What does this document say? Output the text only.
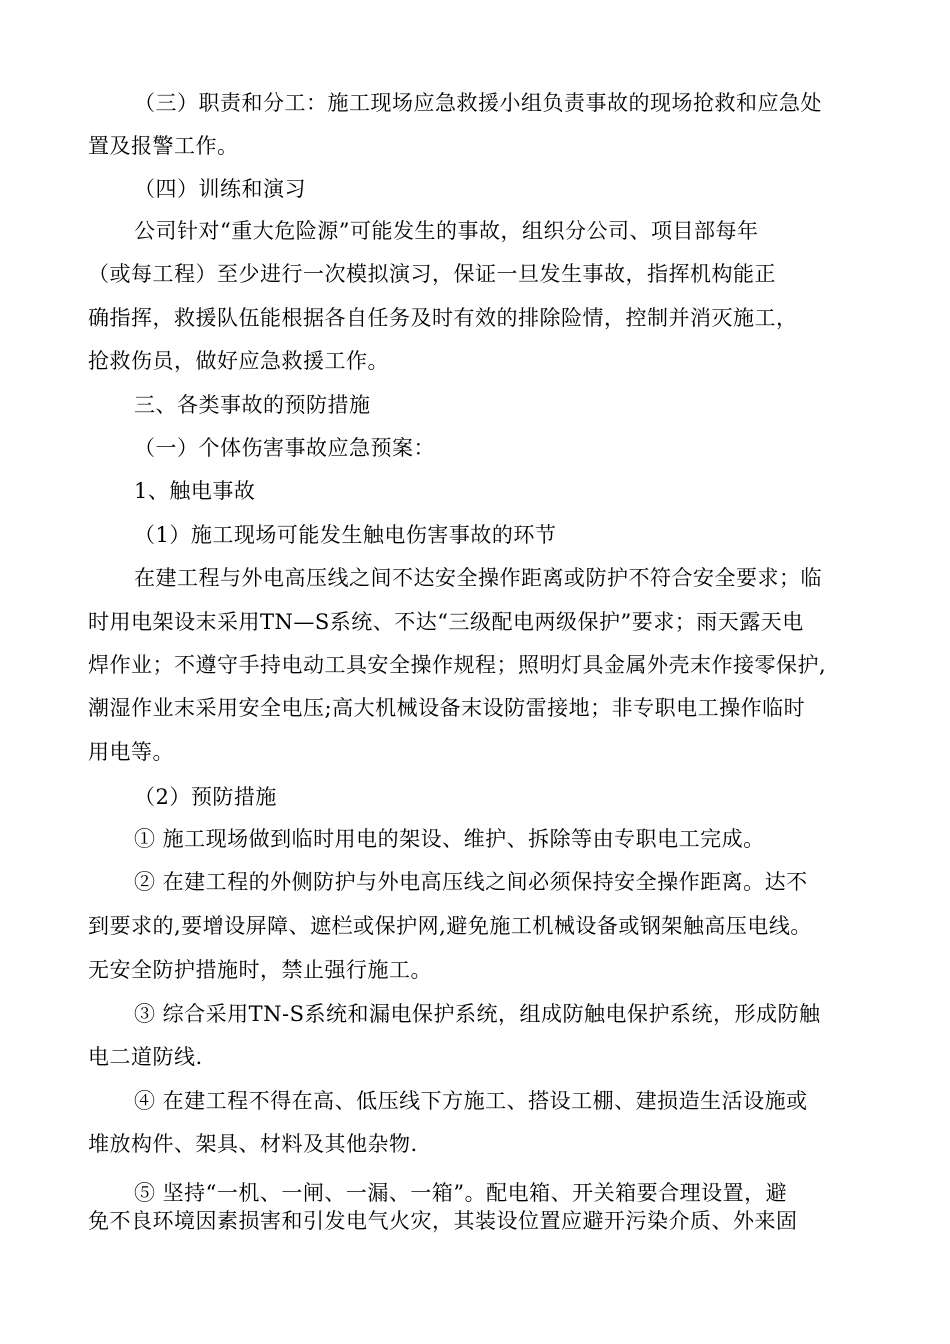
（三）职责和分工：施工现场应急救援小组负责事故的现场抢救和应急处
置及报警工作。
（四）训练和演习
公司针对“重大危险源”可能发生的事故，组织分公司、项目部每年
（或每工程）至少进行一次模拟演习，保证一旦发生事故，指挥机构能正
确指挥，救援队伍能根据各自任务及时有效的排除险情，控制并消灭施工，
抢救伤员，做好应急救援工作。
三、各类事故的预防措施
（一）个体伤害事故应急预案：
1、触电事故
（1）施工现场可能发生触电伤害事故的环节
在建工程与外电高压线之间不达安全操作距离或防护不符合安全要求；临
时用电架设末采用TN—S系统、不达“三级配电两级保护”要求；雨天露天电
焊作业；不遵守手持电动工具安全操作规程；照明灯具金属外壳末作接零保护,
潮湿作业末采用安全电压;高大机械设备末设防雷接地；非专职电工操作临时
用电等。
（2）预防措施
① 施工现场做到临时用电的架设、维护、拆除等由专职电工完成。
② 在建工程的外侧防护与外电高压线之间必须保持安全操作距离。达不
到要求的,要增设屏障、遮栏或保护网,避免施工机械设备或钢架触高压电线。
无安全防护措施时，禁止强行施工。
③ 综合采用TN-S系统和漏电保护系统，组成防触电保护系统，形成防触
电二道防线.
④ 在建工程不得在高、低压线下方施工、搭设工棚、建损造生活设施或
堆放构件、架具、材料及其他杂物.
⑤ 坚持“一机、一闸、一漏、一箱”。配电箱、开关箱要合理设置，避
免不良环境因素损害和引发电气火灾，其装设位置应避开污染介质、外来固
